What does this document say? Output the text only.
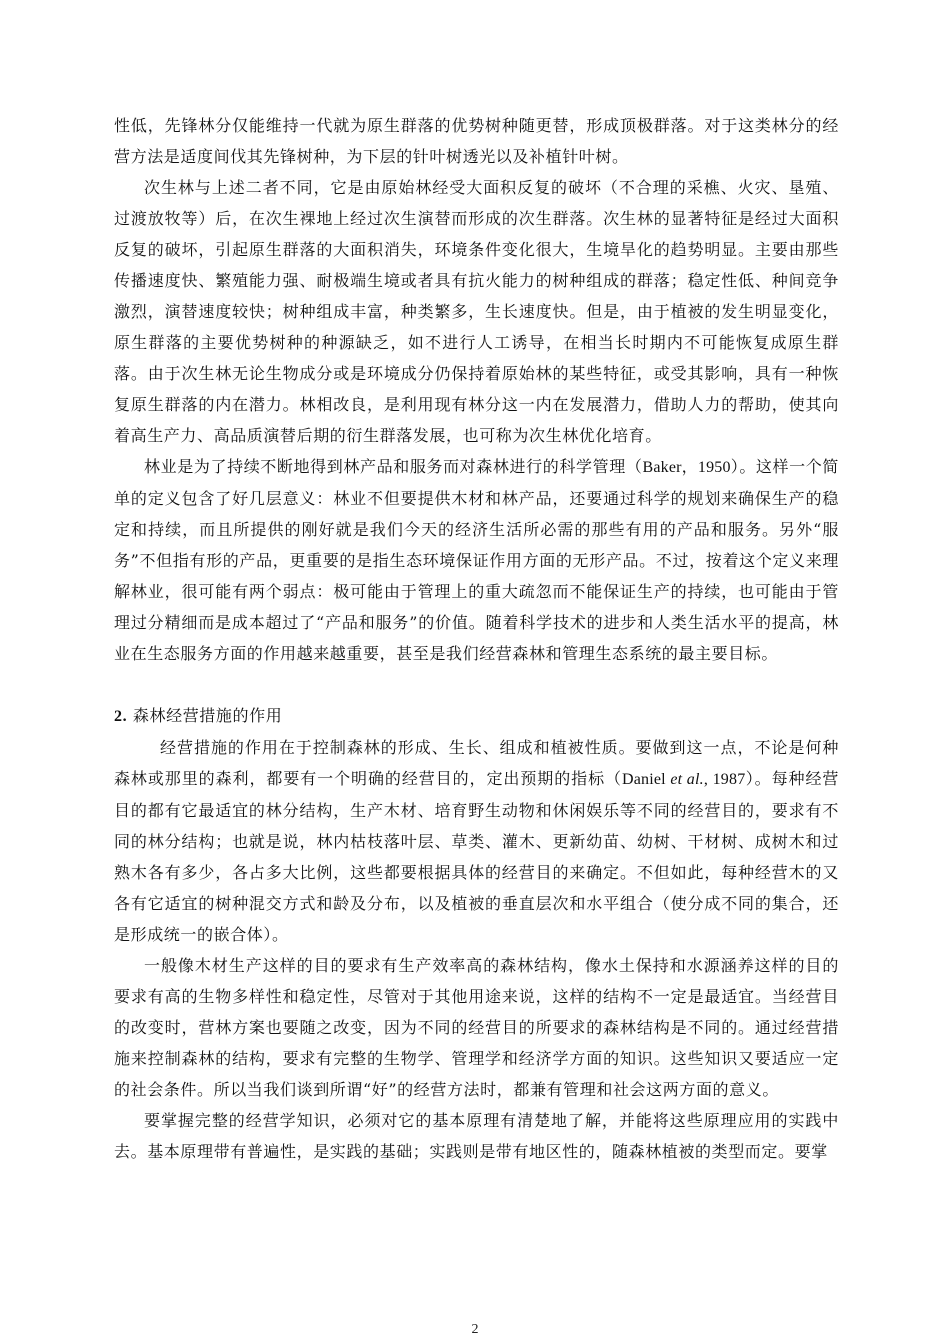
性低，先锋林分仅能维持一代就为原生群落的优势树种随更替，形成顶极群落。对于这类林分的经营方法是适度间伐其先锋树种，为下层的针叶树透光以及补植针叶树。

次生林与上述二者不同，它是由原始林经受大面积反复的破坏（不合理的采樵、火灾、垦殖、过渡放牧等）后，在次生裸地上经过次生演替而形成的次生群落。次生林的显著特征是经过大面积反复的破坏，引起原生群落的大面积消失，环境条件变化很大，生境旱化的趋势明显。主要由那些传播速度快、繁殖能力强、耐极端生境或者具有抗火能力的树种组成的群落；稳定性低、种间竞争激烈，演替速度较快；树种组成丰富，种类繁多，生长速度快。但是，由于植被的发生明显变化，原生群落的主要优势树种的种源缺乏，如不进行人工诱导，在相当长时期内不可能恢复成原生群落。由于次生林无论生物成分或是环境成分仍保持着原始林的某些特征，或受其影响，具有一种恢复原生群落的内在潜力。林相改良，是利用现有林分这一内在发展潜力，借助人力的帮助，使其向着高生产力、高品质演替后期的衍生群落发展，也可称为次生林优化培育。

林业是为了持续不断地得到林产品和服务而对森林进行的科学管理（Baker，1950）。这样一个简单的定义包含了好几层意义：林业不但要提供木材和林产品，还要通过科学的规划来确保生产的稳定和持续，而且所提供的刚好就是我们今天的经济生活所必需的那些有用的产品和服务。另外“服务”不但指有形的产品，更重要的是指生态环境保证作用方面的无形产品。不过，按着这个定义来理解林业，很可能有两个弱点：极可能由于管理上的重大疏忽而不能保证生产的持续，也可能由于管理过分精细而是成本超过了“产品和服务”的价值。随着科学技术的进步和人类生活水平的提高，林业在生态服务方面的作用越来越重要，甚至是我们经营森林和管理生态系统的最主要目标。

2. 森林经营措施的作用

经营措施的作用在于控制森林的形成、生长、组成和植被性质。要做到这一点，不论是何种森林或那里的森利，都要有一个明确的经营目的，定出预期的指标（Daniel et al., 1987）。每种经营目的都有它最适宜的林分结构，生产木材、培育野生动物和休闲娱乐等不同的经营目的，要求有不同的林分结构；也就是说，林内枯枝落叶层、草类、灌木、更新幼苗、幼树、干材树、成树木和过熟木各有多少，各占多大比例，这些都要根据具体的经营目的来确定。不但如此，每种经营木的又各有它适宜的树种混交方式和龄及分布，以及植被的垂直层次和水平组合（使分成不同的集合，还是形成统一的嵌合体）。

一般像木材生产这样的目的要求有生产效率高的森林结构，像水土保持和水源涵养这样的目的要求有高的生物多样性和稳定性，尽管对于其他用途来说，这样的结构不一定是最适宜。当经营目的改变时，营林方案也要随之改变，因为不同的经营目的所要求的森林结构是不同的。通过经营措施来控制森林的结构，要求有完整的生物学、管理学和经济学方面的知识。这些知识又要适应一定的社会条件。所以当我们谈到所谓“好”的经营方法时，都兼有管理和社会这两方面的意义。

要掌握完整的经营学知识，必须对它的基本原理有清楚地了解，并能将这些原理应用的实践中去。基本原理带有普遍性，是实践的基础；实践则是带有地区性的，随森林植被的类型而定。要掌

2
